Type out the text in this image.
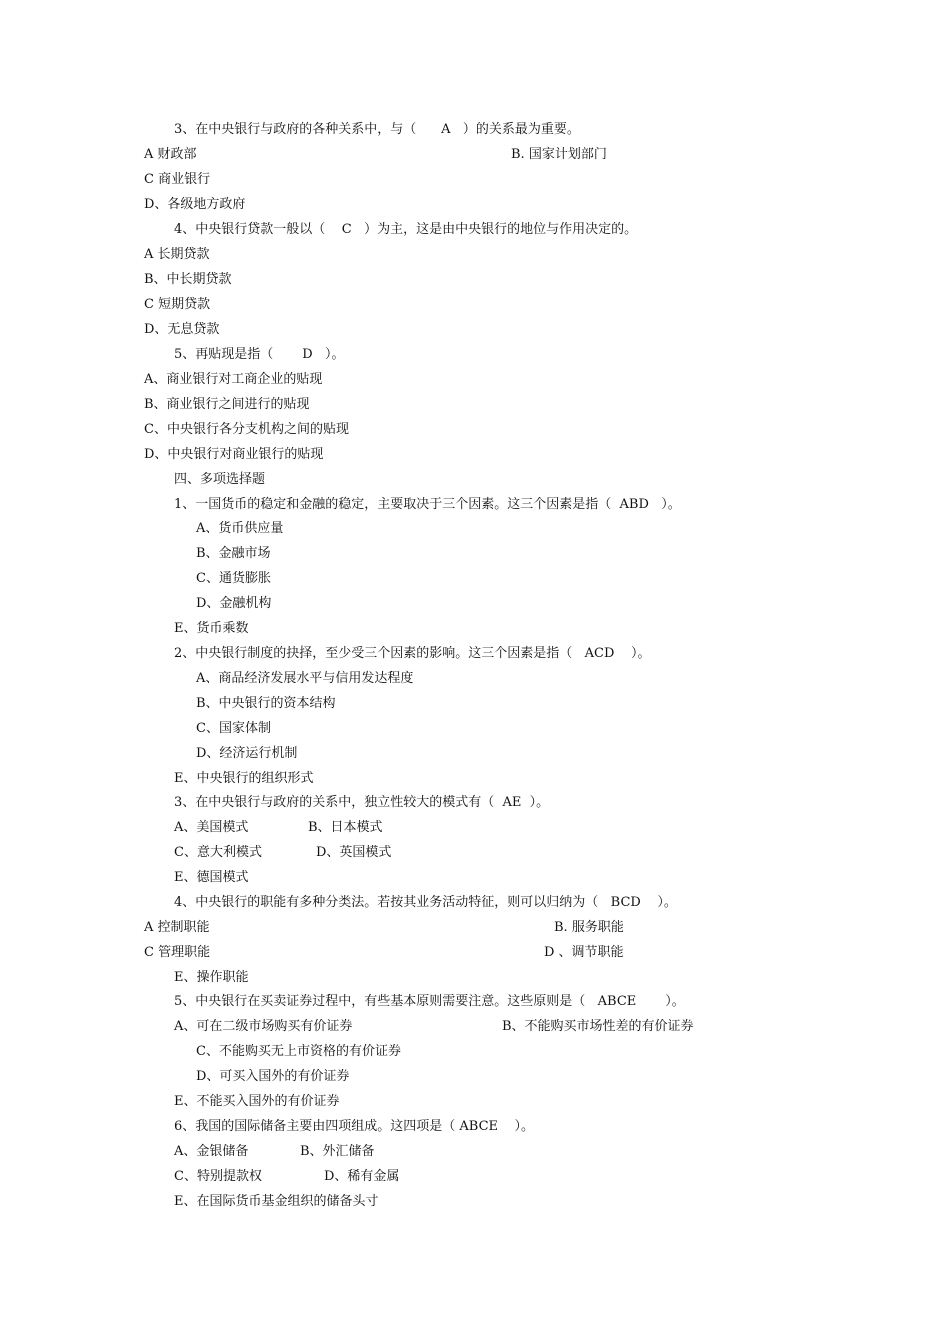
3、在中央银行与政府的各种关系中，与（      A   ）的关系最为重要。

A 财政部	B. 国家计划部门

C 商业银行

D、各级地方政府

4、中央银行贷款一般以（    C   ）为主，这是由中央银行的地位与作用决定的。

A 长期贷款

B、中长期贷款

C 短期贷款

D、无息贷款

5、再贴现是指（       D   ）。

A、商业银行对工商企业的贴现

B、商业银行之间进行的贴现

C、中央银行各分支机构之间的贴现

D、中央银行对商业银行的贴现

四、多项选择题

1、一国货币的稳定和金融的稳定，主要取决于三个因素。这三个因素是指（  ABD   ）。

A、货币供应量

B、金融市场

C、通货膨胀

D、金融机构

E、货币乘数

2、中央银行制度的抉择，至少受三个因素的影响。这三个因素是指（   ACD    ）。

A、商品经济发展水平与信用发达程度

B、中央银行的资本结构

C、国家体制

D、经济运行机制

E、中央银行的组织形式

3、在中央银行与政府的关系中，独立性较大的模式有（  AE  ）。

A、美国模式	B、日本模式

C、意大利模式	D、英国模式

E、德国模式

4、中央银行的职能有多种分类法。若按其业务活动特征，则可以归纳为（   BCD    ）。

A 控制职能	B. 服务职能

C 管理职能	D 、调节职能

E、操作职能

5、中央银行在买卖证券过程中，有些基本原则需要注意。这些原则是（   ABCE       ）。

A、可在二级市场购买有价证券	B、不能购买市场性差的有价证券

C、不能购买无上市资格的有价证券

D、可买入国外的有价证券

E、不能买入国外的有价证券

6、我国的国际储备主要由四项组成。这四项是（ ABCE    ）。

A、金银储备	B、外汇储备

C、特别提款权	D、稀有金属

E、在国际货币基金组织的储备头寸
